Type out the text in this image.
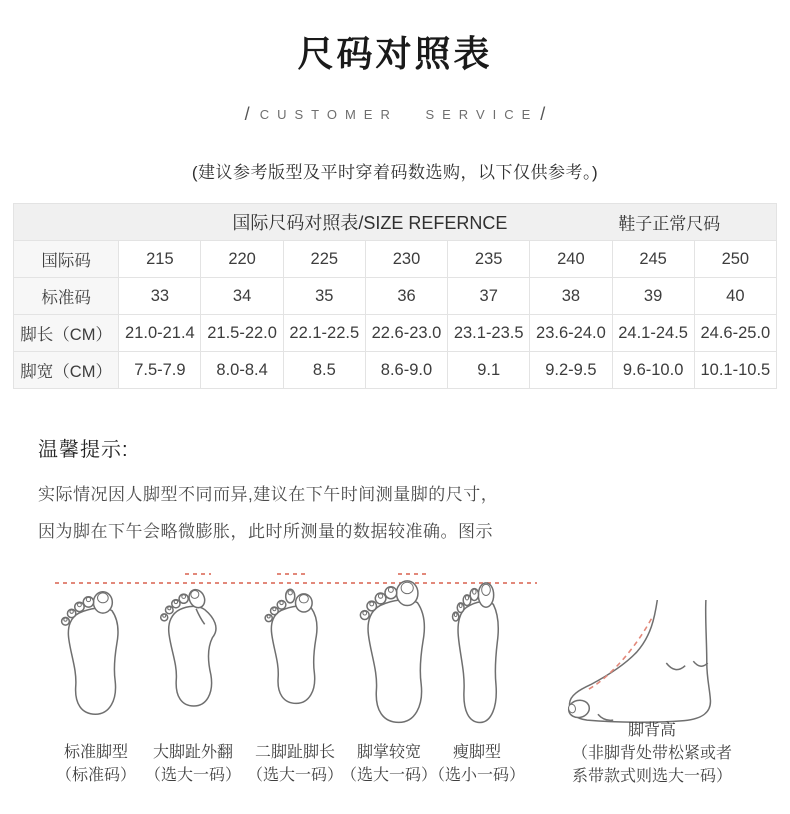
尺码对照表
/ CUSTOMER SERVICE /
(建议参考版型及平时穿着码数选购，以下仅供参考。)
国际尺码对照表/SIZE REFERNCE 鞋子正常尺码								

国际码	215	220	225	230	235	240	245	250
标准码	33	34	35	36	37	38	39	40
脚长（CM）	21.0-21.4	21.5-22.0	22.1-22.5	22.6-23.0	23.1-23.5	23.6-24.0	24.1-24.5	24.6-25.0
脚宽（CM）	7.5-7.9	8.0-8.4	8.5	8.6-9.0	9.1	9.2-9.5	9.6-10.0	10.1-10.5
温馨提示:
实际情况因人脚型不同而异,建议在下午时间测量脚的尺寸，
因为脚在下午会略微膨胀，此时所测量的数据较准确。图示
标准脚型
（标准码）
大脚趾外翻
（选大一码）
二脚趾脚长
（选大一码）
脚掌较宽
（选大一码）
瘦脚型
（选小一码）
脚背高
（非脚背处带松紧或者
系带款式则选大一码）
